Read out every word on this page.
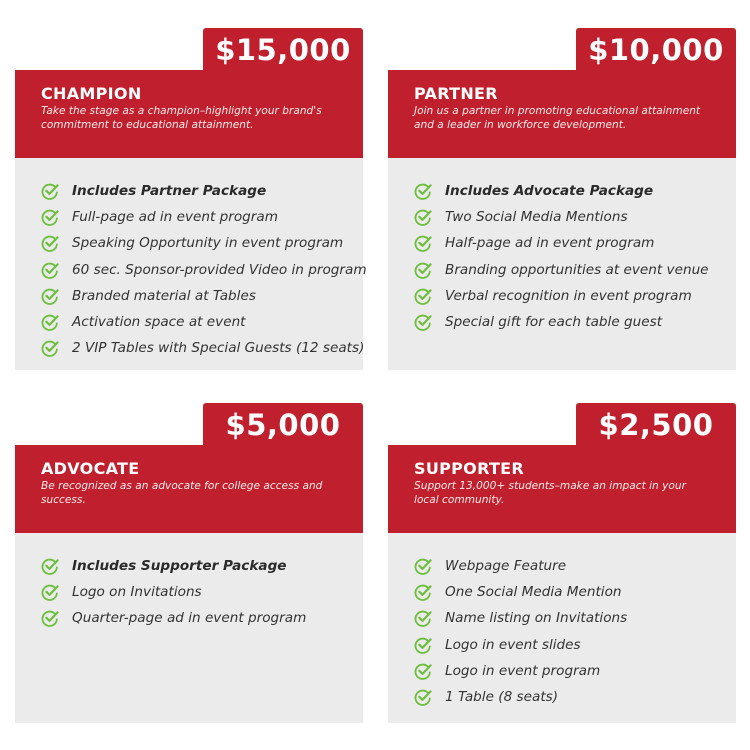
$15,000
CHAMPION
Take the stage as a champion–highlight your brand's commitment to educational attainment.
Includes Partner Package
Full-page ad in event program
Speaking Opportunity in event program
60 sec. Sponsor-provided Video in program
Branded material at Tables
Activation space at event
2 VIP Tables with Special Guests (12 seats)
$10,000
PARTNER
Join us a partner in promoting educational attainment and a leader in workforce development.
Includes Advocate Package
Two Social Media Mentions
Half-page ad in event program
Branding opportunities at event venue
Verbal recognition in event program
Special gift for each table guest
$5,000
ADVOCATE
Be recognized as an advocate for college access and success.
Includes Supporter Package
Logo on Invitations
Quarter-page ad in event program
$2,500
SUPPORTER
Support 13,000+ students–make an impact in your local community.
Webpage Feature
One Social Media Mention
Name listing on Invitations
Logo in event slides
Logo in event program
1 Table (8 seats)
